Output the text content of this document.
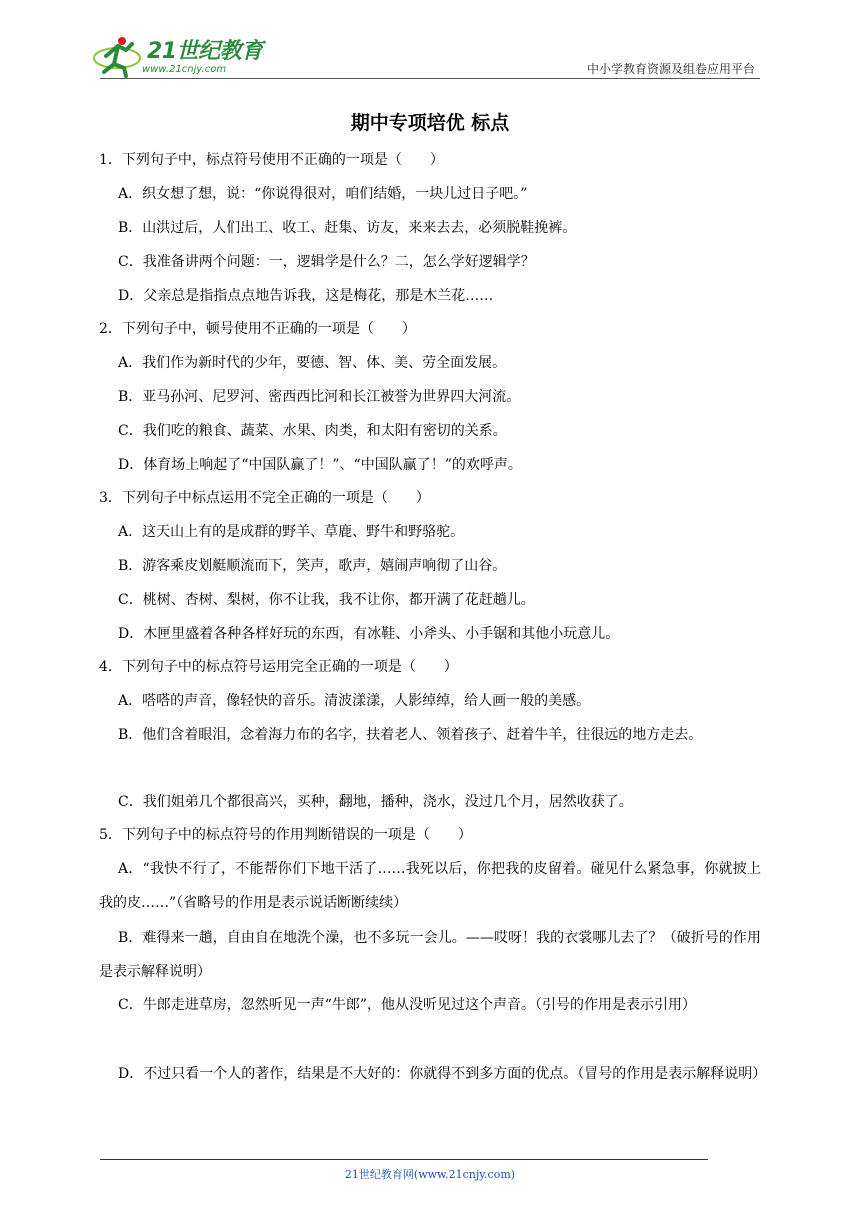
21世纪教育
www.21cnjy.com	中小学教育资源及组卷应用平台
期中专项培优 标点
1．下列句子中，标点符号使用不正确的一项是（　　）
A．织女想了想，说：“你说得很对，咱们结婚，一块儿过日子吧。”
B．山洪过后，人们出工、收工、赶集、访友，来来去去，必须脱鞋挽裤。
C．我准备讲两个问题：一，逻辑学是什么？二，怎么学好逻辑学？
D．父亲总是指指点点地告诉我，这是梅花，那是木兰花……
2．下列句子中，顿号使用不正确的一项是（　　）
A．我们作为新时代的少年，要德、智、体、美、劳全面发展。
B．亚马孙河、尼罗河、密西西比河和长江被誉为世界四大河流。
C．我们吃的粮食、蔬菜、水果、肉类，和太阳有密切的关系。
D．体育场上响起了“中国队赢了！”、“中国队赢了！”的欢呼声。
3．下列句子中标点运用不完全正确的一项是（　　）
A．这天山上有的是成群的野羊、草鹿、野牛和野骆驼。
B．游客乘皮划艇顺流而下，笑声，歌声，嬉闹声响彻了山谷。
C．桃树、杏树、梨树，你不让我，我不让你，都开满了花赶趟儿。
D．木匣里盛着各种各样好玩的东西，有冰鞋、小斧头、小手锯和其他小玩意儿。
4．下列句子中的标点符号运用完全正确的一项是（　　）
A．嗒嗒的声音，像轻快的音乐。清波漾漾，人影绰绰，给人画一般的美感。
B．他们含着眼泪，念着海力布的名字，扶着老人、领着孩子、赶着牛羊，往很远的地方走去。
C．我们姐弟几个都很高兴，买种，翻地，播种，浇水，没过几个月，居然收获了。
5．下列句子中的标点符号的作用判断错误的一项是（　　）
A．“我快不行了，不能帮你们下地干活了……我死以后，你把我的皮留着。碰见什么紧急事，你就披上我的皮……”（省略号的作用是表示说话断断续续）
B．难得来一趟，自由自在地洗个澡，也不多玩一会儿。——哎呀！我的衣裳哪儿去了？（破折号的作用是表示解释说明）
C．牛郎走进草房，忽然听见一声“牛郎”，他从没听见过这个声音。（引号的作用是表示引用）
D．不过只看一个人的著作，结果是不大好的：你就得不到多方面的优点。（冒号的作用是表示解释说明）
21世纪教育网(www.21cnjy.com)
